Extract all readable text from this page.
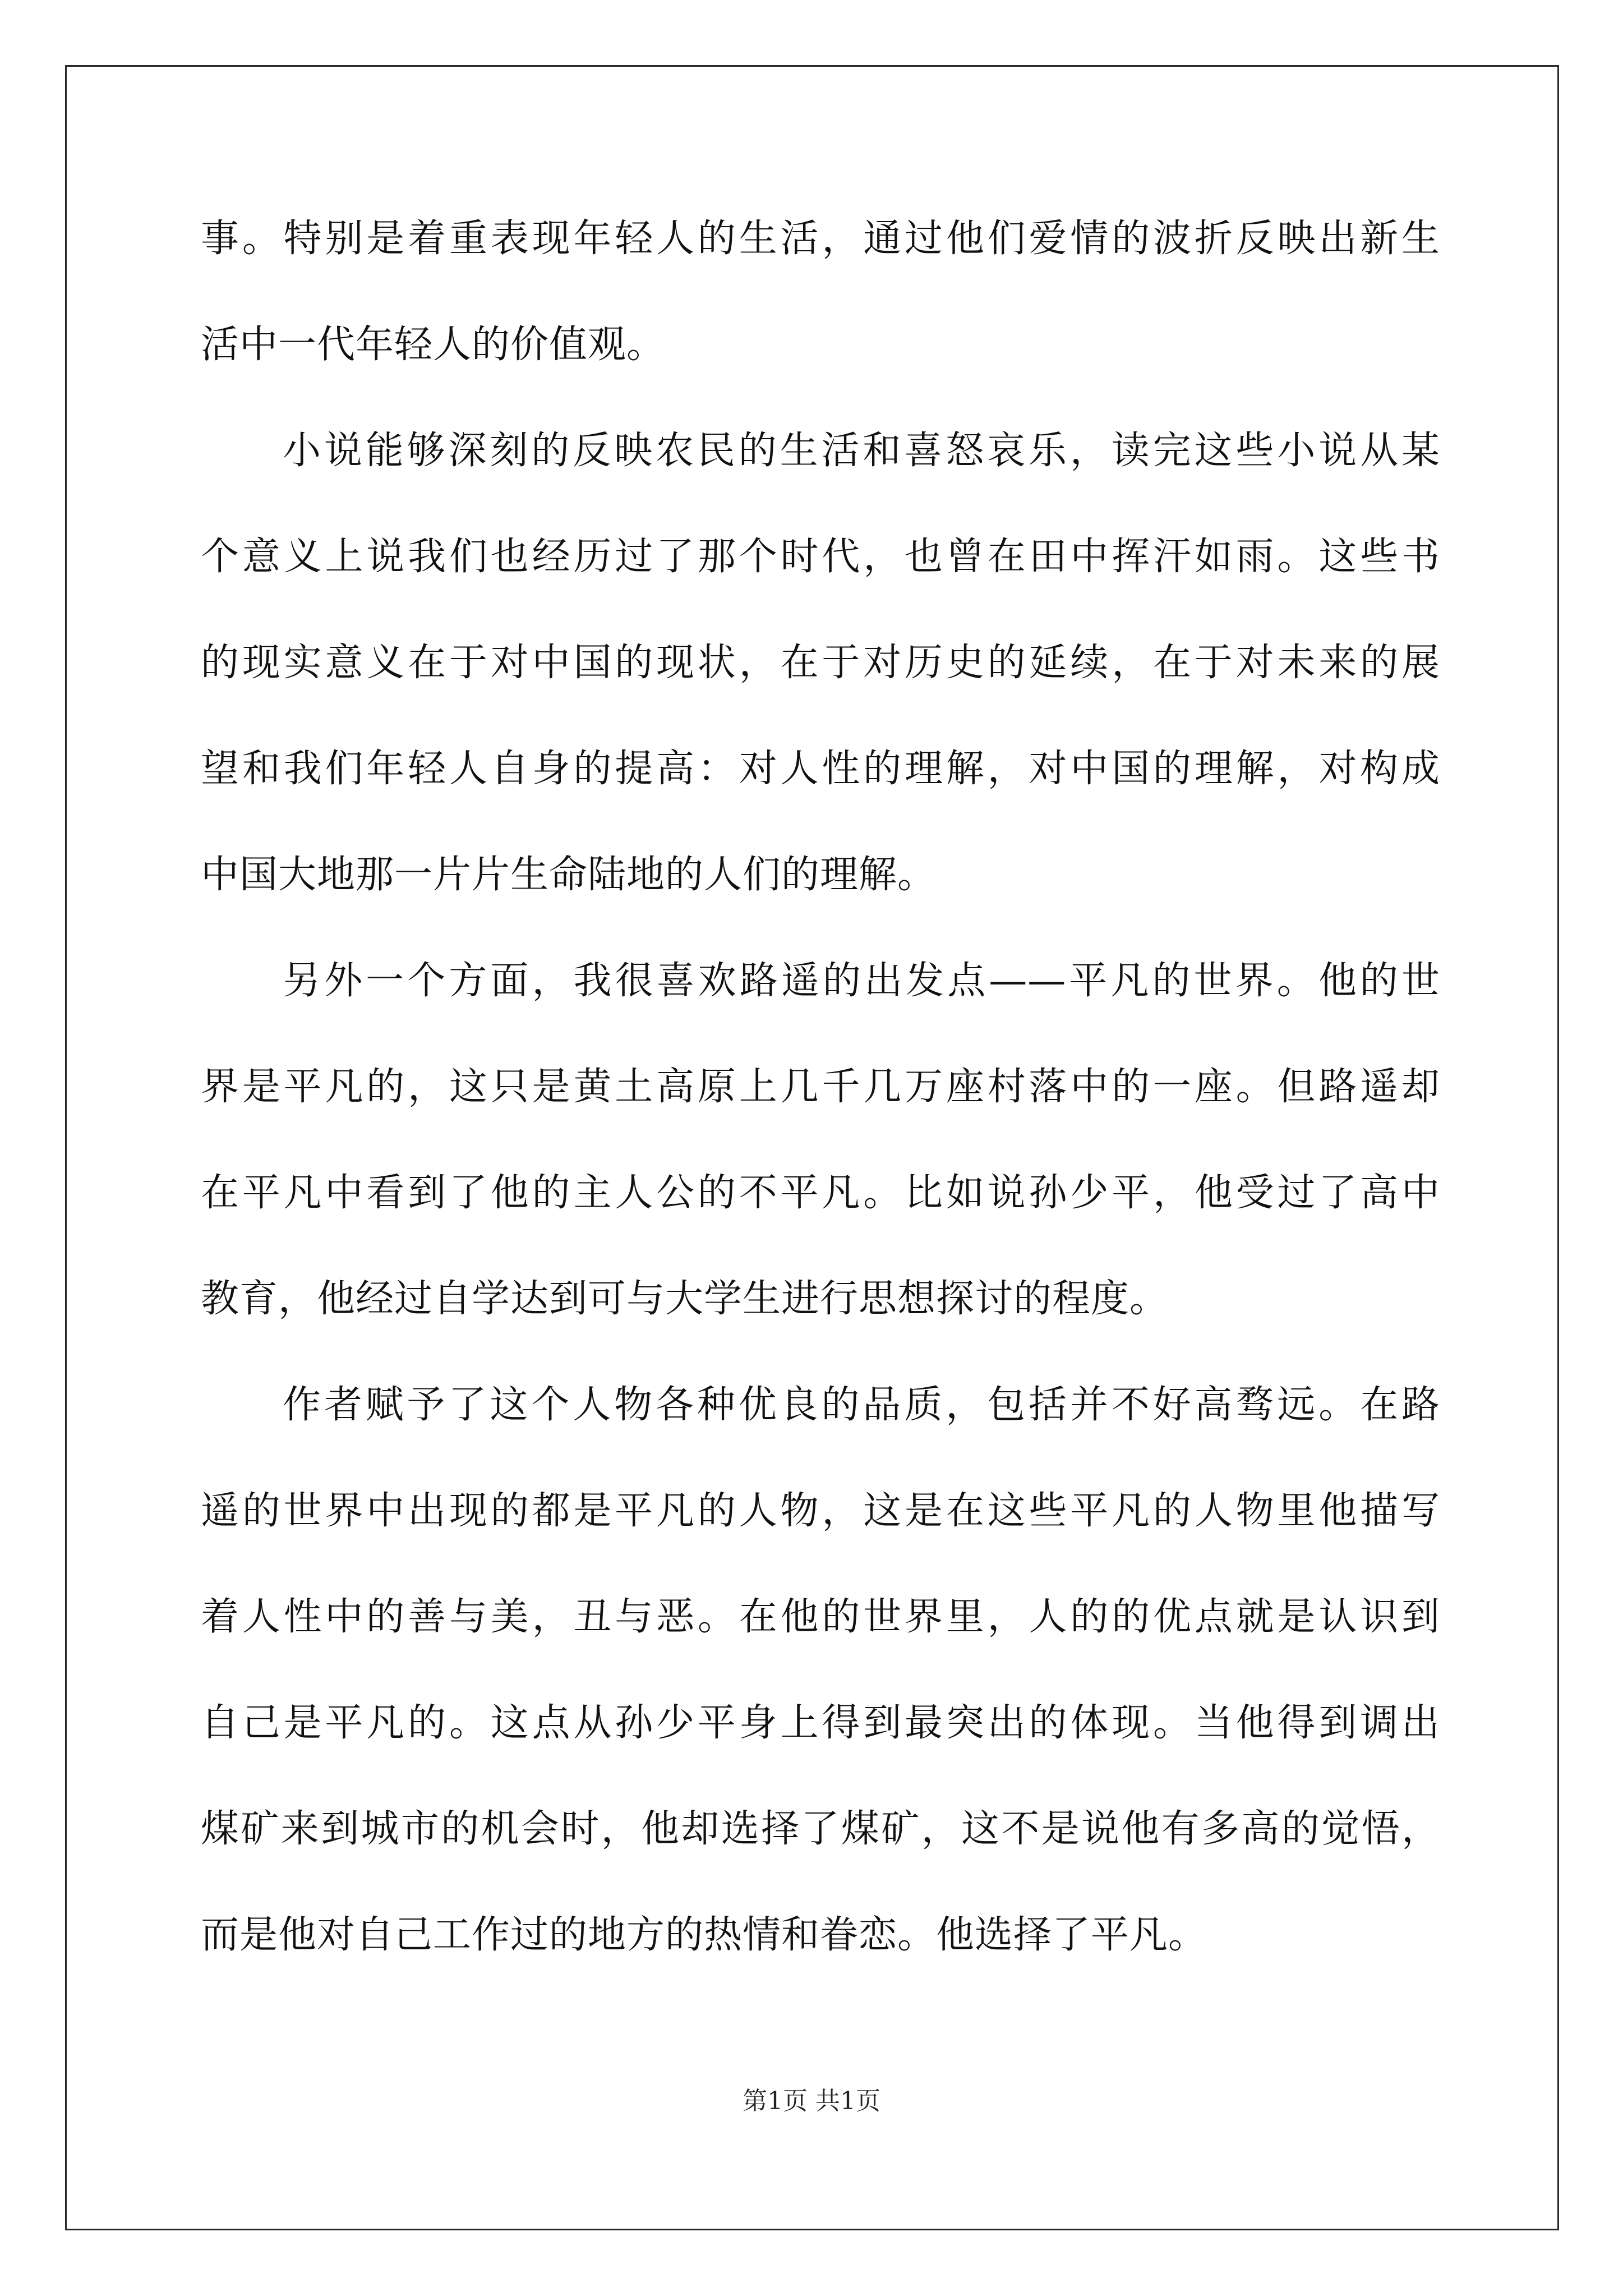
事。特别是着重表现年轻人的生活，通过他们爱情的波折反映出新生
活中一代年轻人的价值观。
小说能够深刻的反映农民的生活和喜怒哀乐，读完这些小说从某
个意义上说我们也经历过了那个时代，也曾在田中挥汗如雨。这些书
的现实意义在于对中国的现状，在于对历史的延续，在于对未来的展
望和我们年轻人自身的提高：对人性的理解，对中国的理解，对构成
中国大地那一片片生命陆地的人们的理解。
另外一个方面，我很喜欢路遥的出发点——平凡的世界。他的世
界是平凡的，这只是黄土高原上几千几万座村落中的一座。但路遥却
在平凡中看到了他的主人公的不平凡。比如说孙少平，他受过了高中
教育，他经过自学达到可与大学生进行思想探讨的程度。
作者赋予了这个人物各种优良的品质，包括并不好高骛远。在路
遥的世界中出现的都是平凡的人物，这是在这些平凡的人物里他描写
着人性中的善与美，丑与恶。在他的世界里，人的的优点就是认识到
自己是平凡的。这点从孙少平身上得到最突出的体现。当他得到调出
煤矿来到城市的机会时，他却选择了煤矿，这不是说他有多高的觉悟，
而是他对自己工作过的地方的热情和眷恋。他选择了平凡。
第1页 共1页
